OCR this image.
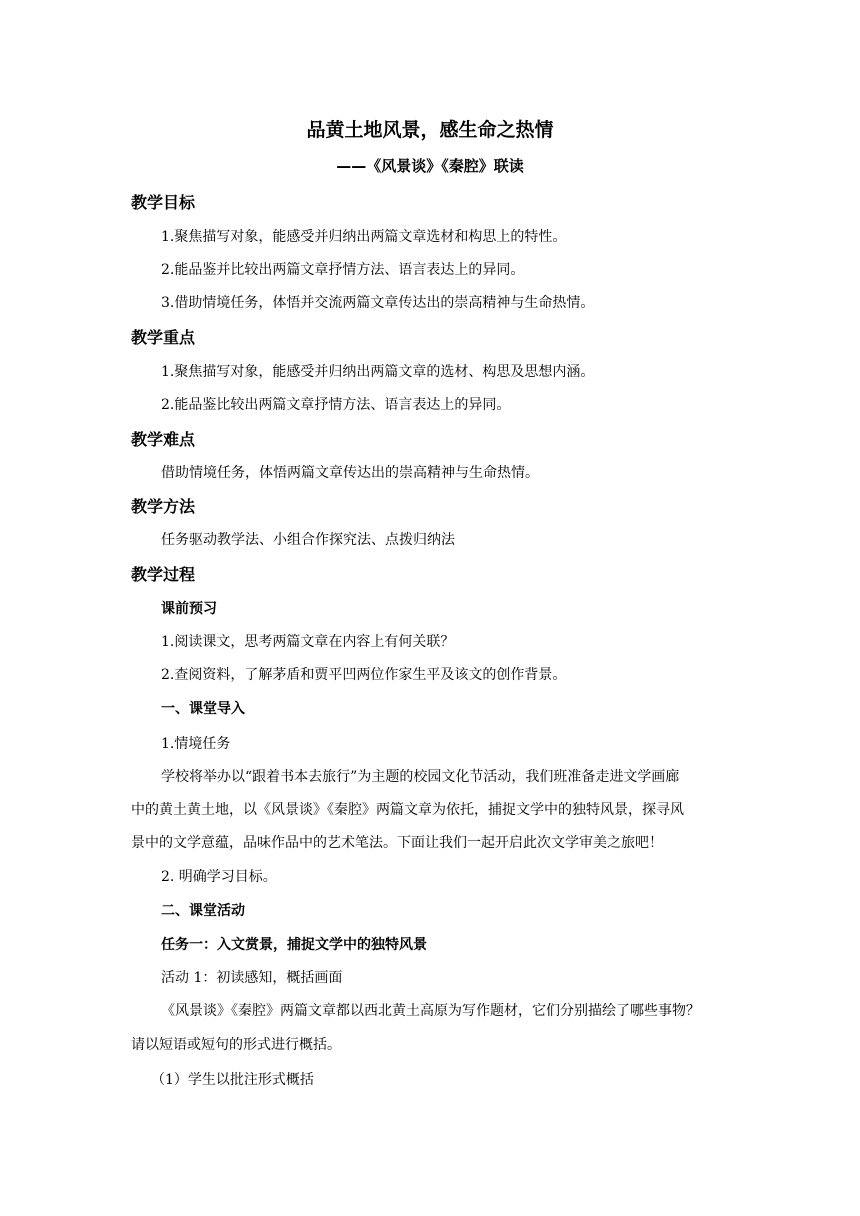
品黄土地风景，感生命之热情
——《风景谈》《秦腔》联读
教学目标
1.聚焦描写对象，能感受并归纳出两篇文章选材和构思上的特性。
2.能品鉴并比较出两篇文章抒情方法、语言表达上的异同。
3.借助情境任务，体悟并交流两篇文章传达出的崇高精神与生命热情。
教学重点
1.聚焦描写对象，能感受并归纳出两篇文章的选材、构思及思想内涵。
2.能品鉴比较出两篇文章抒情方法、语言表达上的异同。
教学难点
借助情境任务，体悟两篇文章传达出的崇高精神与生命热情。
教学方法
任务驱动教学法、小组合作探究法、点拨归纳法
教学过程
课前预习
1.阅读课文，思考两篇文章在内容上有何关联？
2.查阅资料，了解茅盾和贾平凹两位作家生平及该文的创作背景。
一、课堂导入
1.情境任务
学校将举办以“跟着书本去旅行”为主题的校园文化节活动，我们班准备走进文学画廊
中的黄土黄土地，以《风景谈》《秦腔》两篇文章为依托，捕捉文学中的独特风景，探寻风
景中的文学意蕴，品味作品中的艺术笔法。下面让我们一起开启此次文学审美之旅吧！
2. 明确学习目标。
二、课堂活动
任务一：入文赏景，捕捉文学中的独特风景
活动 1：初读感知，概括画面
《风景谈》《秦腔》两篇文章都以西北黄土高原为写作题材，它们分别描绘了哪些事物？
请以短语或短句的形式进行概括。
（1）学生以批注形式概括
